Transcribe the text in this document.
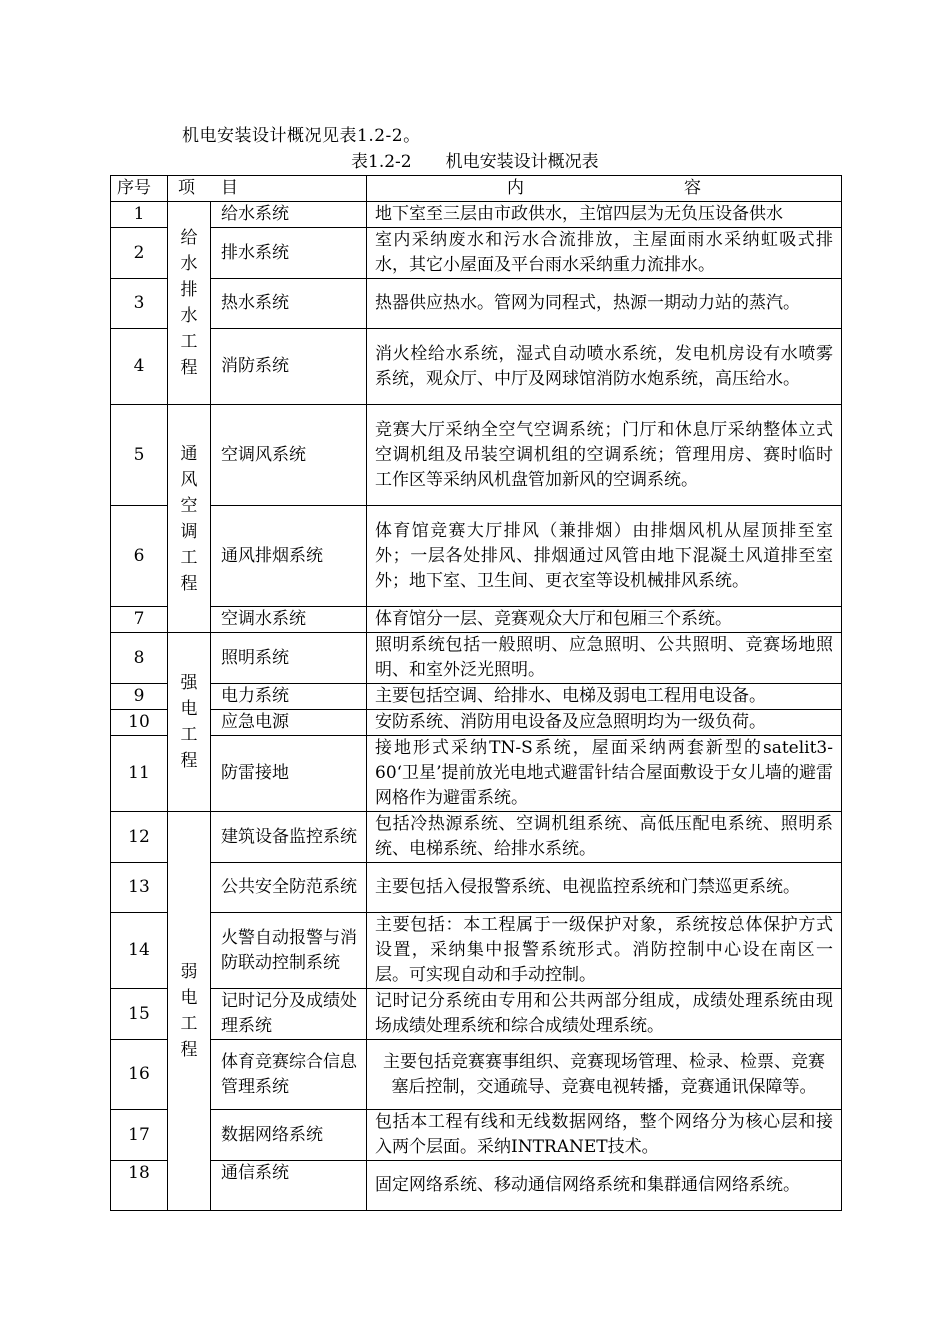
机电安装设计概况见表1.2-2。
表1.2-2 机电安装设计概况表
序号	项 目		内 容
1	给水排水工程	给水系统	地下室至三层由市政供水，主馆四层为无负压设备供水
2		排水系统	室内采纳废水和污水合流排放，主屋面雨水采纳虹吸式排水，其它小屋面及平台雨水采纳重力流排水。
3		热水系统	热器供应热水。管网为同程式，热源一期动力站的蒸汽。
4		消防系统	消火栓给水系统，湿式自动喷水系统，发电机房设有水喷雾系统，观众厅、中厅及网球馆消防水炮系统，高压给水。
5	通风空调工程	空调风系统	竞赛大厅采纳全空气空调系统；门厅和休息厅采纳整体立式空调机组及吊装空调机组的空调系统；管理用房、赛时临时工作区等采纳风机盘管加新风的空调系统。
6		通风排烟系统	体育馆竞赛大厅排风（兼排烟）由排烟风机从屋顶排至室外；一层各处排风、排烟通过风管由地下混凝土风道排至室外；地下室、卫生间、更衣室等设机械排风系统。
7		空调水系统	体育馆分一层、竞赛观众大厅和包厢三个系统。
8	强电工程	照明系统	照明系统包括一般照明、应急照明、公共照明、竞赛场地照明、和室外泛光照明。
9		电力系统	主要包括空调、给排水、电梯及弱电工程用电设备。
10		应急电源	安防系统、消防用电设备及应急照明均为一级负荷。
11		防雷接地	接地形式采纳TN-S系统，屋面采纳两套新型的satelit3-60‘卫星’提前放光电地式避雷针结合屋面敷设于女儿墙的避雷网格作为避雷系统。
12	弱电工程	建筑设备监控系统	包括冷热源系统、空调机组系统、高低压配电系统、照明系统、电梯系统、给排水系统。
13		公共安全防范系统	主要包括入侵报警系统、电视监控系统和门禁巡更系统。
14		火警自动报警与消防联动控制系统	主要包括：本工程属于一级保护对象，系统按总体保护方式设置，采纳集中报警系统形式。消防控制中心设在南区一层。可实现自动和手动控制。
15		记时记分及成绩处理系统	记时记分系统由专用和公共两部分组成，成绩处理系统由现场成绩处理系统和综合成绩处理系统。
16		体育竞赛综合信息管理系统	主要包括竞赛赛事组织、竞赛现场管理、检录、检票、竞赛塞后控制，交通疏导、竞赛电视转播，竞赛通讯保障等。
17		数据网络系统	包括本工程有线和无线数据网络，整个网络分为核心层和接入两个层面。采纳INTRANET技术。
18		通信系统	固定网络系统、移动通信网络系统和集群通信网络系统。
